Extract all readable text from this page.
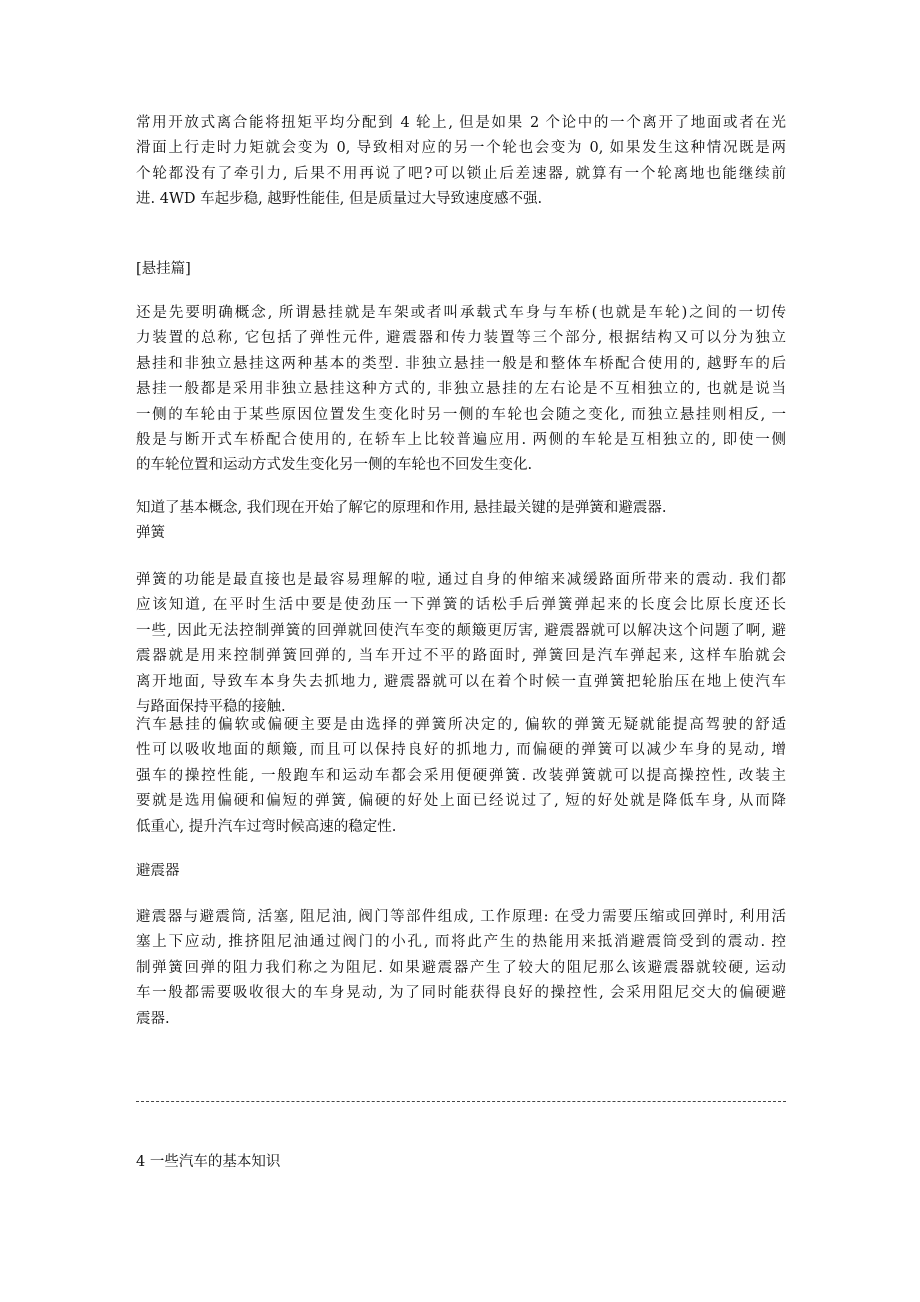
常用开放式离合能将扭矩平均分配到 4 轮上, 但是如果 2 个论中的一个离开了地面或者在光
滑面上行走时力矩就会变为 0, 导致相对应的另一个轮也会变为 0, 如果发生这种情况既是两
个轮都没有了牵引力, 后果不用再说了吧?可以锁止后差速器, 就算有一个轮离地也能继续前
进. 4WD 车起步稳, 越野性能佳, 但是质量过大导致速度感不强.
[悬挂篇]
还是先要明确概念, 所谓悬挂就是车架或者叫承载式车身与车桥(也就是车轮)之间的一切传
力装置的总称, 它包括了弹性元件, 避震器和传力装置等三个部分, 根据结构又可以分为独立
悬挂和非独立悬挂这两种基本的类型. 非独立悬挂一般是和整体车桥配合使用的, 越野车的后
悬挂一般都是采用非独立悬挂这种方式的, 非独立悬挂的左右论是不互相独立的, 也就是说当
一侧的车轮由于某些原因位置发生变化时另一侧的车轮也会随之变化, 而独立悬挂则相反, 一
般是与断开式车桥配合使用的, 在轿车上比较普遍应用. 两侧的车轮是互相独立的, 即使一侧
的车轮位置和运动方式发生变化另一侧的车轮也不回发生变化.
知道了基本概念, 我们现在开始了解它的原理和作用, 悬挂最关键的是弹簧和避震器.
弹簧
弹簧的功能是最直接也是最容易理解的啦, 通过自身的伸缩来减缓路面所带来的震动. 我们都
应该知道, 在平时生活中要是使劲压一下弹簧的话松手后弹簧弹起来的长度会比原长度还长
一些, 因此无法控制弹簧的回弹就回使汽车变的颠簸更厉害, 避震器就可以解决这个问题了啊, 避
震器就是用来控制弹簧回弹的, 当车开过不平的路面时, 弹簧回是汽车弹起来, 这样车胎就会
离开地面, 导致车本身失去抓地力, 避震器就可以在着个时候一直弹簧把轮胎压在地上使汽车
与路面保持平稳的接触.
汽车悬挂的偏软或偏硬主要是由选择的弹簧所决定的, 偏软的弹簧无疑就能提高驾驶的舒适
性可以吸收地面的颠簸, 而且可以保持良好的抓地力, 而偏硬的弹簧可以减少车身的晃动, 增
强车的操控性能, 一般跑车和运动车都会采用便硬弹簧. 改装弹簧就可以提高操控性, 改装主
要就是选用偏硬和偏短的弹簧, 偏硬的好处上面已经说过了, 短的好处就是降低车身, 从而降
低重心, 提升汽车过弯时候高速的稳定性.
避震器
避震器与避震筒, 活塞, 阻尼油, 阀门等部件组成, 工作原理: 在受力需要压缩或回弹时, 利用活
塞上下应动, 推挤阻尼油通过阀门的小孔, 而将此产生的热能用来抵消避震筒受到的震动. 控
制弹簧回弹的阻力我们称之为阻尼. 如果避震器产生了较大的阻尼那么该避震器就较硬, 运动
车一般都需要吸收很大的车身晃动, 为了同时能获得良好的操控性, 会采用阻尼交大的偏硬避
震器.
4 一些汽车的基本知识
